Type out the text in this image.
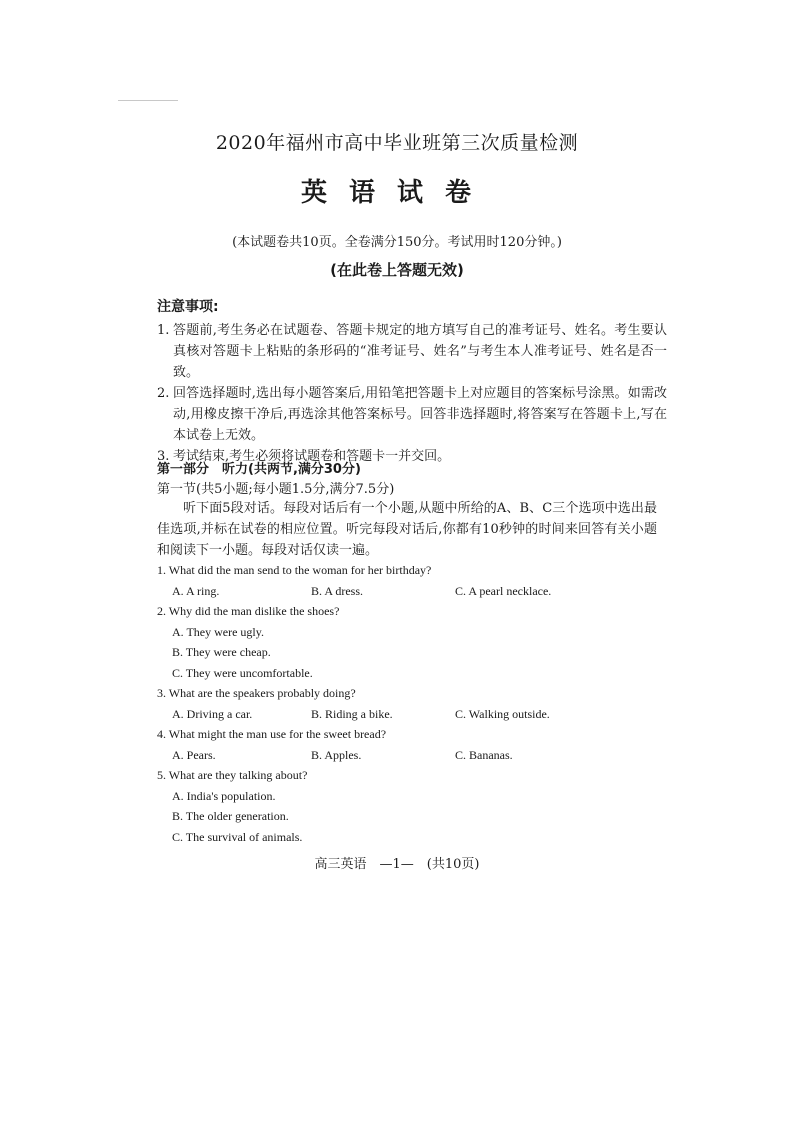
2020年福州市高中毕业班第三次质量检测
英语试卷
(本试题卷共10页。全卷满分150分。考试用时120分钟。)
(在此卷上答题无效)
注意事项:
1. 答题前,考生务必在试题卷、答题卡规定的地方填写自己的准考证号、姓名。考生要认真核对答题卡上粘贴的条形码的“准考证号、姓名”与考生本人准考证号、姓名是否一致。
2. 回答选择题时,选出每小题答案后,用铅笔把答题卡上对应题目的答案标号涂黑。如需改动,用橡皮擦干净后,再选涂其他答案标号。回答非选择题时,将答案写在答题卡上,写在本试卷上无效。
3. 考试结束,考生必须将试题卷和答题卡一并交回。
第一部分　听力(共两节,满分30分)
第一节(共5小题;每小题1.5分,满分7.5分)
听下面5段对话。每段对话后有一个小题,从题中所给的A、B、C三个选项中选出最佳选项,并标在试卷的相应位置。听完每段对话后,你都有10秒钟的时间来回答有关小题和阅读下一小题。每段对话仅读一遍。
1. What did the man send to the woman for her birthday?
A. A ring.	B. A dress.	C. A pearl necklace.
2. Why did the man dislike the shoes?
A. They were ugly.
B. They were cheap.
C. They were uncomfortable.
3. What are the speakers probably doing?
A. Driving a car.	B. Riding a bike.	C. Walking outside.
4. What might the man use for the sweet bread?
A. Pears.	B. Apples.	C. Bananas.
5. What are they talking about?
A. India's population.
B. The older generation.
C. The survival of animals.
高三英语　—1—　(共10页)
